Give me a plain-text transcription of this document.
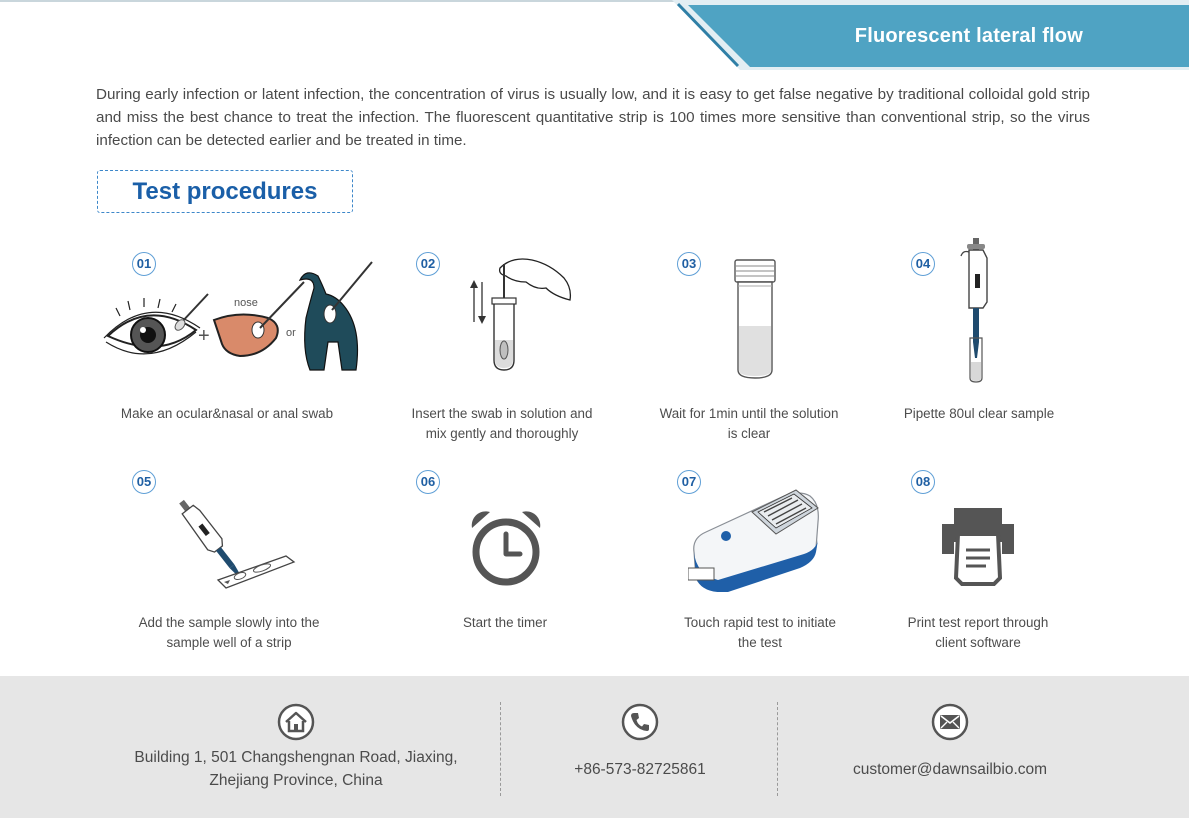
Fluorescent lateral flow

During early infection or latent infection, the concentration of virus is usually low, and it is easy to get false negative by traditional colloidal gold strip and miss the best chance to treat the infection. The fluorescent quantitative strip is 100 times more sensitive than conventional strip, so the virus infection can be detected earlier and be treated in time.

Test procedures
01
+
nose
or
Make an ocular&nasal or anal swab
02
Insert the swab in solution and
mix gently and thoroughly
03
Wait for 1min until the solution
is clear
04
Pipette 80ul clear sample
05
Add the sample slowly into the
sample well of a strip
06
Start the timer
07
Touch rapid test to initiate
the test
08
Print test report through
client software
Building 1, 501 Changshengnan Road, Jiaxing,
Zhejiang Province, China
+86-573-82725861	customer@dawnsailbio.com
